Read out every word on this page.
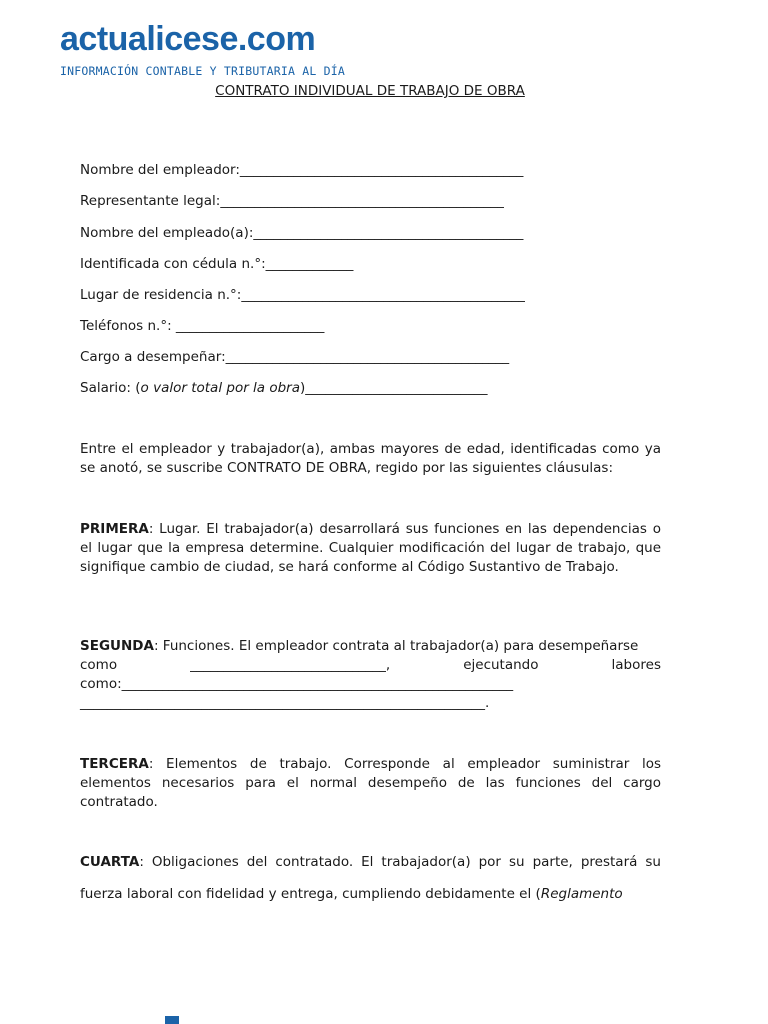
actualicese.com
INFORMACIÓN CONTABLE Y TRIBUTARIA AL DÍA
CONTRATO INDIVIDUAL DE TRABAJO DE OBRA
Nombre del empleador:__________________________________________
Representante legal:__________________________________________
Nombre del empleado(a):________________________________________
Identificada con cédula n.°:_____________
Lugar de residencia n.°:__________________________________________
Teléfonos n.°: ______________________
Cargo a desempeñar:__________________________________________
Salario: (o valor total por la obra)___________________________
Entre el empleador y trabajador(a), ambas mayores de edad, identificadas como ya se anotó, se suscribe CONTRATO DE OBRA, regido por las siguientes cláusulas:
PRIMERA: Lugar. El trabajador(a) desarrollará sus funciones en las dependencias o el lugar que la empresa determine. Cualquier modificación del lugar de trabajo, que signifique cambio de ciudad, se hará conforme al Código Sustantivo de Trabajo.
SEGUNDA: Funciones. El empleador contrata al trabajador(a) para desempeñarse
como	_____________________________,	ejecutando	labores
como:__________________________________________________________
____________________________________________________________.
TERCERA: Elementos de trabajo. Corresponde al empleador suministrar los elementos necesarios para el normal desempeño de las funciones del cargo contratado.
CUARTA: Obligaciones del contratado. El trabajador(a) por su parte, prestará su fuerza laboral con fidelidad y entrega, cumpliendo debidamente el (Reglamento
